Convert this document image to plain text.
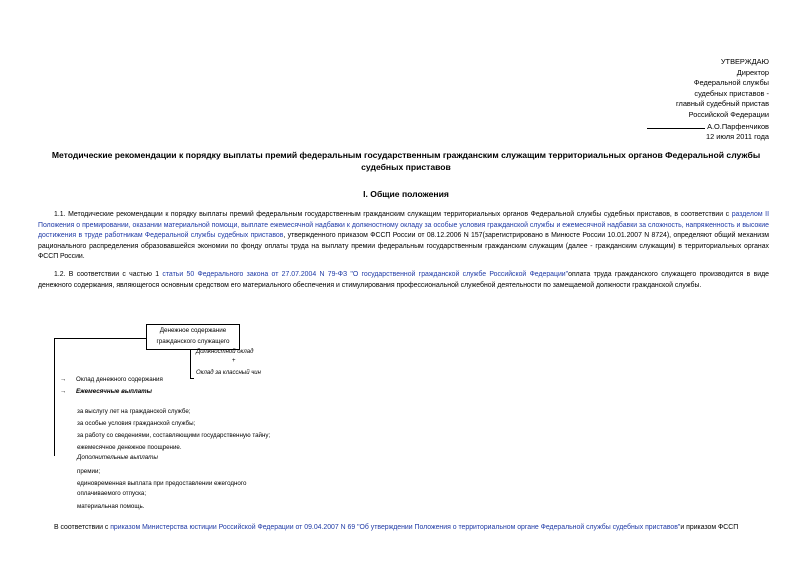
УТВЕРЖДАЮ
Директор
Федеральной службы
судебных приставов -
главный судебный пристав
Российской Федерации
А.О.Парфенчиков
12 июля 2011 года
Методические рекомендации к порядку выплаты премий федеральным государственным гражданским служащим территориальных органов Федеральной службы судебных приставов
I. Общие положения
1.1. Методические рекомендации к порядку выплаты премий федеральным государственным гражданским служащим территориальных органов Федеральной службы судебных приставов, в соответствии с разделом II Положения о премировании, оказании материальной помощи, выплате ежемесячной надбавки к должностному окладу за особые условия гражданской службы и ежемесячной надбавки за сложность, напряженность и высокие достижения в труде работникам Федеральной службы судебных приставов, утвержденного приказом ФССП России от 08.12.2006 N 157(зарегистрировано в Минюсте России 10.01.2007 N 8724), определяют общий механизм рационального распределения образовавшейся экономии по фонду оплаты труда на выплату премии федеральным государственным гражданским служащим (далее - гражданским служащим) в территориальных органах ФССП России.
1.2. В соответствии с частью 1 статьи 50 Федерального закона от 27.07.2004 N 79-ФЗ "О государственной гражданской службе Российской Федерации"оплата труда гражданского служащего производится в виде денежного содержания, являющегося основным средством его материального обеспечения и стимулирования профессиональной служебной деятельности по замещаемой должности гражданской службы.
Денежное содержание
гражданского служащего
Должностной оклад
+
Оклад за классный чин
→ Оклад денежного содержания
→ Ежемесячные выплаты
за выслугу лет на гражданской службе;
за особые условия гражданской службы;
за работу со сведениями, составляющими государственную тайну;
ежемесячное денежное поощрение.
Дополнительные выплаты
премии;
единовременная выплата при предоставлении ежегодного
оплачиваемого отпуска;
материальная помощь.
В соответствии с приказом Министерства юстиции Российской Федерации от 09.04.2007 N 69 "Об утверждении Положения о территориальном органе Федеральной службы судебных приставов"и приказом ФССП
